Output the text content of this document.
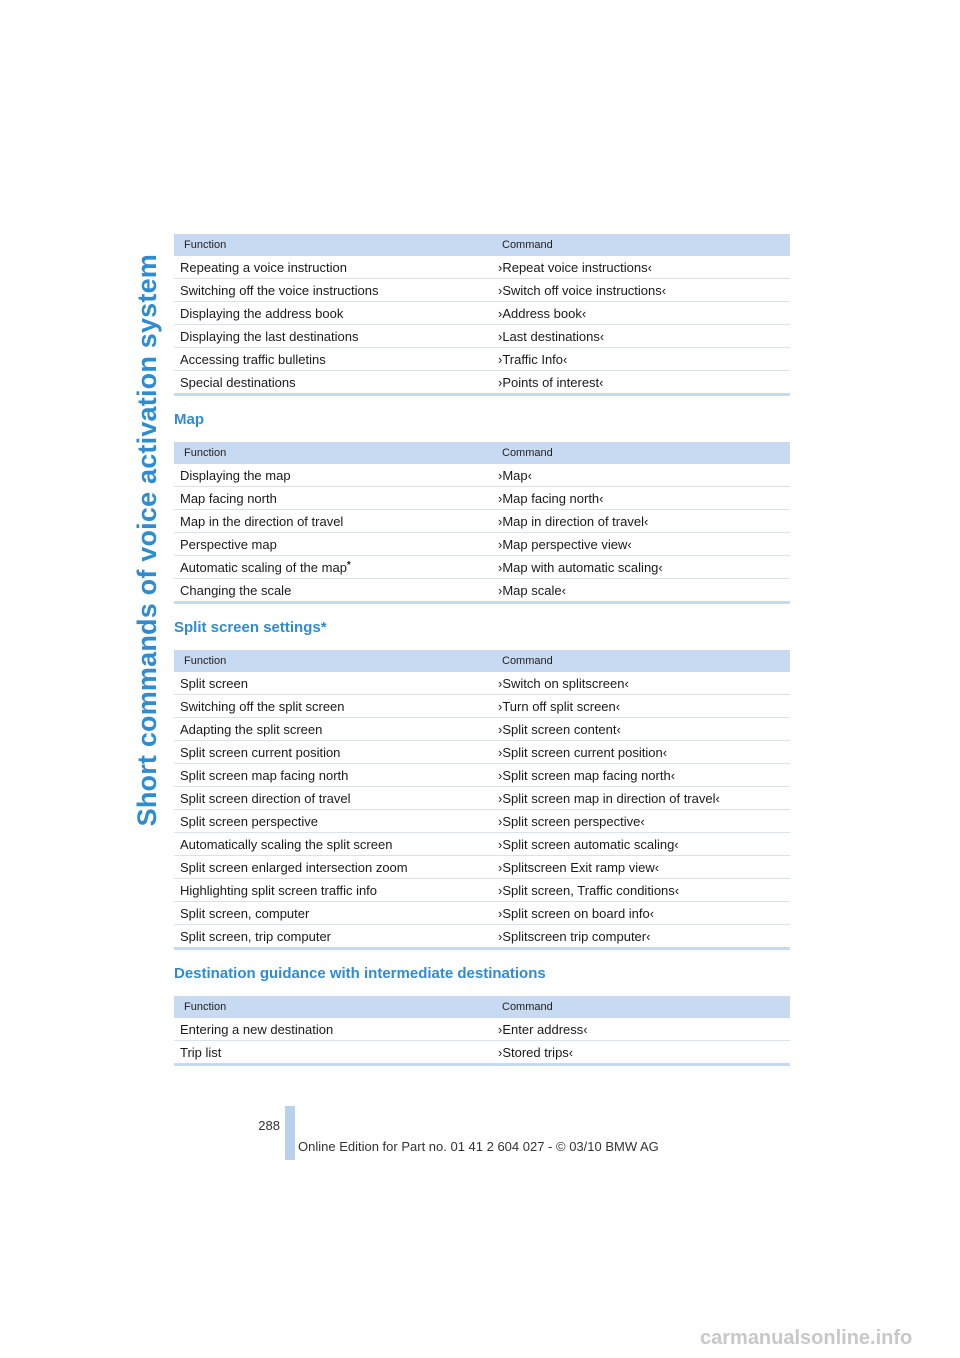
Short commands of voice activation system
Function	Command
Repeating a voice instruction	›Repeat voice instructions‹
Switching off the voice instructions	›Switch off voice instructions‹
Displaying the address book	›Address book‹
Displaying the last destinations	›Last destinations‹
Accessing traffic bulletins	›Traffic Info‹
Special destinations	›Points of interest‹
Map
Function	Command
Displaying the map	›Map‹
Map facing north	›Map facing north‹
Map in the direction of travel	›Map in direction of travel‹
Perspective map	›Map perspective view‹
Automatic scaling of the map*	›Map with automatic scaling‹
Changing the scale	›Map scale‹
Split screen settings*
Function	Command
Split screen	›Switch on splitscreen‹
Switching off the split screen	›Turn off split screen‹
Adapting the split screen	›Split screen content‹
Split screen current position	›Split screen current position‹
Split screen map facing north	›Split screen map facing north‹
Split screen direction of travel	›Split screen map in direction of travel‹
Split screen perspective	›Split screen perspective‹
Automatically scaling the split screen	›Split screen automatic scaling‹
Split screen enlarged intersection zoom	›Splitscreen Exit ramp view‹
Highlighting split screen traffic info	›Split screen, Traffic conditions‹
Split screen, computer	›Split screen on board info‹
Split screen, trip computer	›Splitscreen trip computer‹
Destination guidance with intermediate destinations
Function	Command
Entering a new destination	›Enter address‹
Trip list	›Stored trips‹
288
Online Edition for Part no. 01 41 2 604 027 - © 03/10 BMW AG
carmanualsonline.info
